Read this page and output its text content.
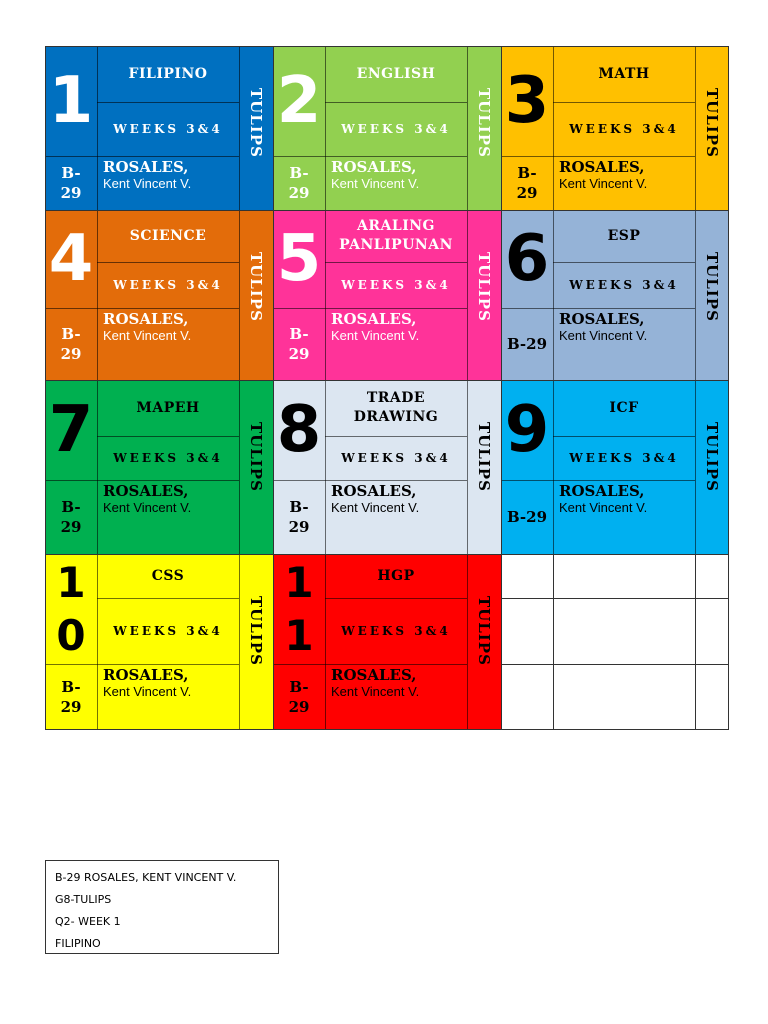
1	FILIPINO
WEEKS 3&4
B-
29
ROSALES,
Kent Vincent V.
TULIPS 2	ENGLISH
WEEKS 3&4
B-
29
ROSALES,
Kent Vincent V.
TULIPS 3	MATH
WEEKS 3&4
B-
29
ROSALES,
Kent Vincent V.
TULIPS
4	SCIENCE
WEEKS 3&4
B-
29
ROSALES,
Kent Vincent V.
TULIPS 5	ARALING
PANLIPUNAN
WEEKS 3&4
B-
29
ROSALES,
Kent Vincent V.
TULIPS 6	ESP
WEEKS 3&4
B-29
ROSALES,
Kent Vincent V.
TULIPS
7	MAPEH
WEEKS 3&4
B-
29
ROSALES,
Kent Vincent V.
TULIPS 8	TRADE
DRAWING
WEEKS 3&4
B-
29
ROSALES,
Kent Vincent V.
TULIPS 9	ICF
WEEKS 3&4
B-29
ROSALES,
Kent Vincent V.
TULIPS
1
0
CSS
WEEKS 3&4
B-
29
ROSALES,
Kent Vincent V.
TULIPS
1
1
HGP
WEEKS 3&4
B-
29
ROSALES,
Kent Vincent V.
TULIPS
B-29 ROSALES, KENT VINCENT V.
G8-TULIPS
Q2- WEEK 1
FILIPINO
